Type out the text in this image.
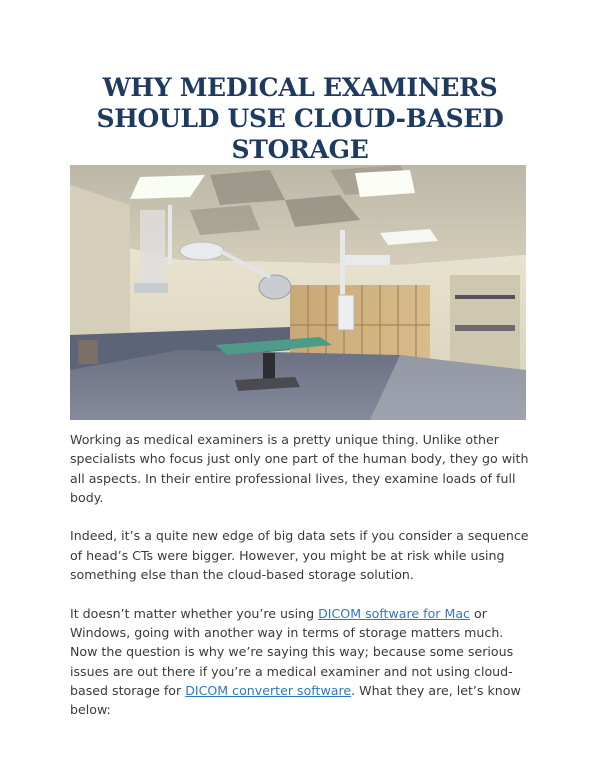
WHY MEDICAL EXAMINERS
SHOULD USE CLOUD-BASED
STORAGE

Working as medical examiners is a pretty unique thing. Unlike other specialists who focus just only one part of the human body, they go with all aspects. In their entire professional lives, they examine loads of full body.

Indeed, it’s a quite new edge of big data sets if you consider a sequence of head’s CTs were bigger. However, you might be at risk while using something else than the cloud-based storage solution.

It doesn’t matter whether you’re using DICOM software for Mac or Windows, going with another way in terms of storage matters much. Now the question is why we’re saying this way; because some serious issues are out there if you’re a medical examiner and not using cloud-based storage for DICOM converter software. What they are, let’s know below:
